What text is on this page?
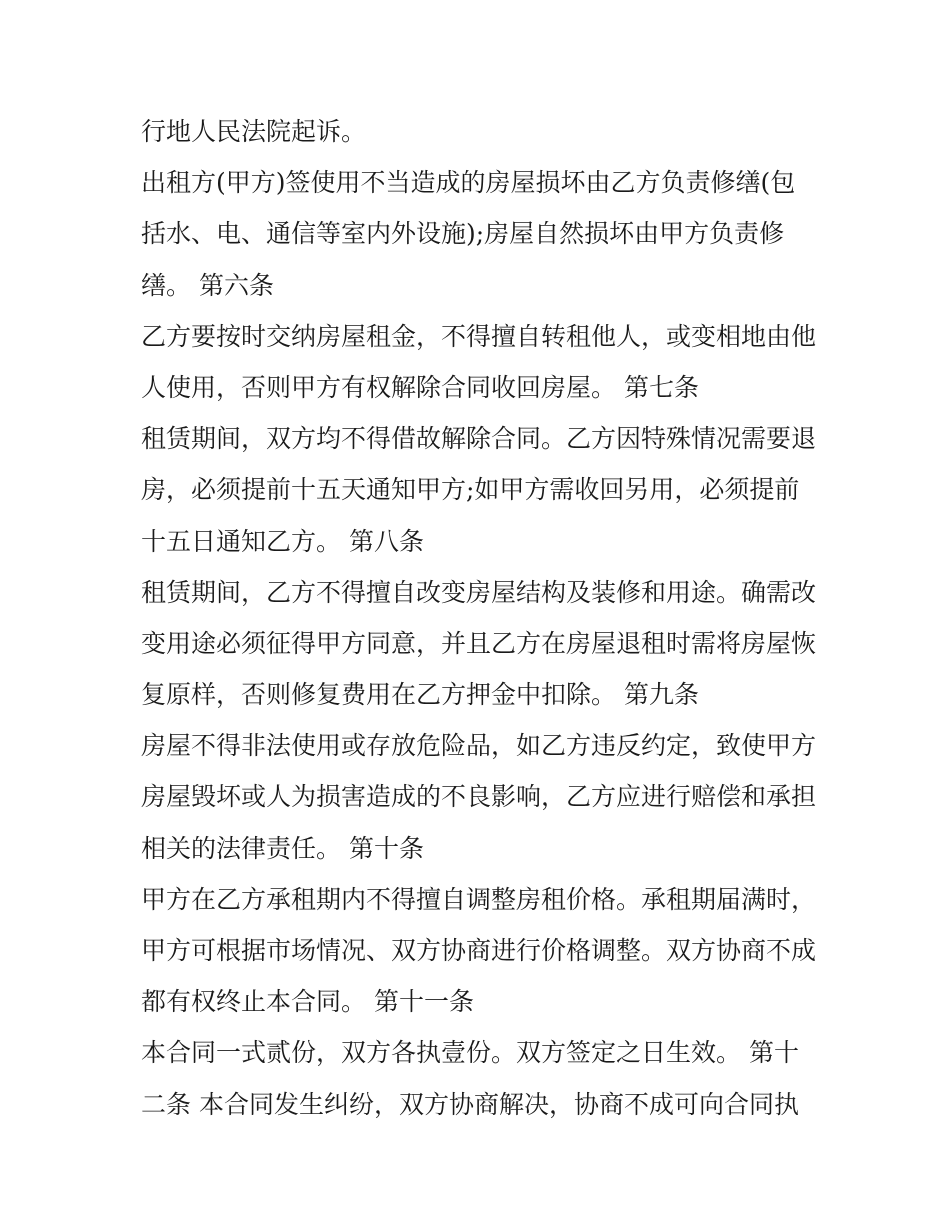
行地人民法院起诉。
出租方(甲方)签使用不当造成的房屋损坏由乙方负责修缮(包
括水、电、通信等室内外设施);房屋自然损坏由甲方负责修
缮。 第六条
乙方要按时交纳房屋租金，不得擅自转租他人，或变相地由他
人使用，否则甲方有权解除合同收回房屋。 第七条
租赁期间，双方均不得借故解除合同。乙方因特殊情况需要退
房，必须提前十五天通知甲方;如甲方需收回另用，必须提前
十五日通知乙方。 第八条
租赁期间，乙方不得擅自改变房屋结构及装修和用途。确需改
变用途必须征得甲方同意，并且乙方在房屋退租时需将房屋恢
复原样，否则修复费用在乙方押金中扣除。 第九条
房屋不得非法使用或存放危险品，如乙方违反约定，致使甲方
房屋毁坏或人为损害造成的不良影响，乙方应进行赔偿和承担
相关的法律责任。 第十条
甲方在乙方承租期内不得擅自调整房租价格。承租期届满时，
甲方可根据市场情况、双方协商进行价格调整。双方协商不成
都有权终止本合同。 第十一条
本合同一式贰份，双方各执壹份。双方签定之日生效。 第十
二条 本合同发生纠纷，双方协商解决，协商不成可向合同执
